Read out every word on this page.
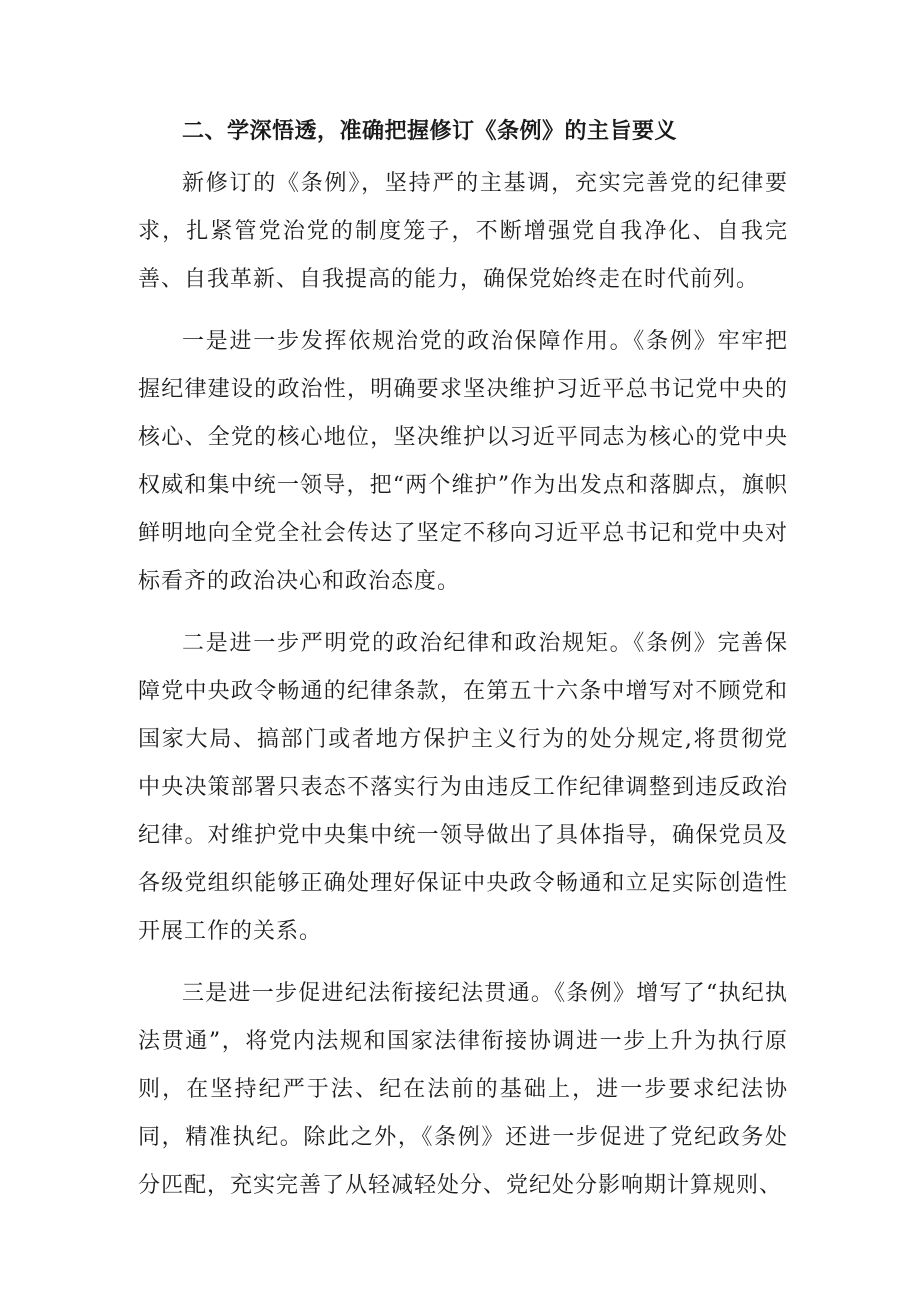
二、学深悟透，准确把握修订《条例》的主旨要义

新修订的《条例》，坚持严的主基调，充实完善党的纪律要求，扎紧管党治党的制度笼子，不断增强党自我净化、自我完善、自我革新、自我提高的能力，确保党始终走在时代前列。

一是进一步发挥依规治党的政治保障作用。《条例》牢牢把握纪律建设的政治性，明确要求坚决维护习近平总书记党中央的核心、全党的核心地位，坚决维护以习近平同志为核心的党中央权威和集中统一领导，把“两个维护”作为出发点和落脚点，旗帜鲜明地向全党全社会传达了坚定不移向习近平总书记和党中央对标看齐的政治决心和政治态度。

二是进一步严明党的政治纪律和政治规矩。《条例》完善保障党中央政令畅通的纪律条款，在第五十六条中增写对不顾党和国家大局、搞部门或者地方保护主义行为的处分规定,将贯彻党中央决策部署只表态不落实行为由违反工作纪律调整到违反政治纪律。对维护党中央集中统一领导做出了具体指导，确保党员及各级党组织能够正确处理好保证中央政令畅通和立足实际创造性开展工作的关系。

三是进一步促进纪法衔接纪法贯通。《条例》增写了“执纪执法贯通”，将党内法规和国家法律衔接协调进一步上升为执行原则，在坚持纪严于法、纪在法前的基础上，进一步要求纪法协同，精准执纪。除此之外，《条例》还进一步促进了党纪政务处分匹配，充实完善了从轻减轻处分、党纪处分影响期计算规则、
